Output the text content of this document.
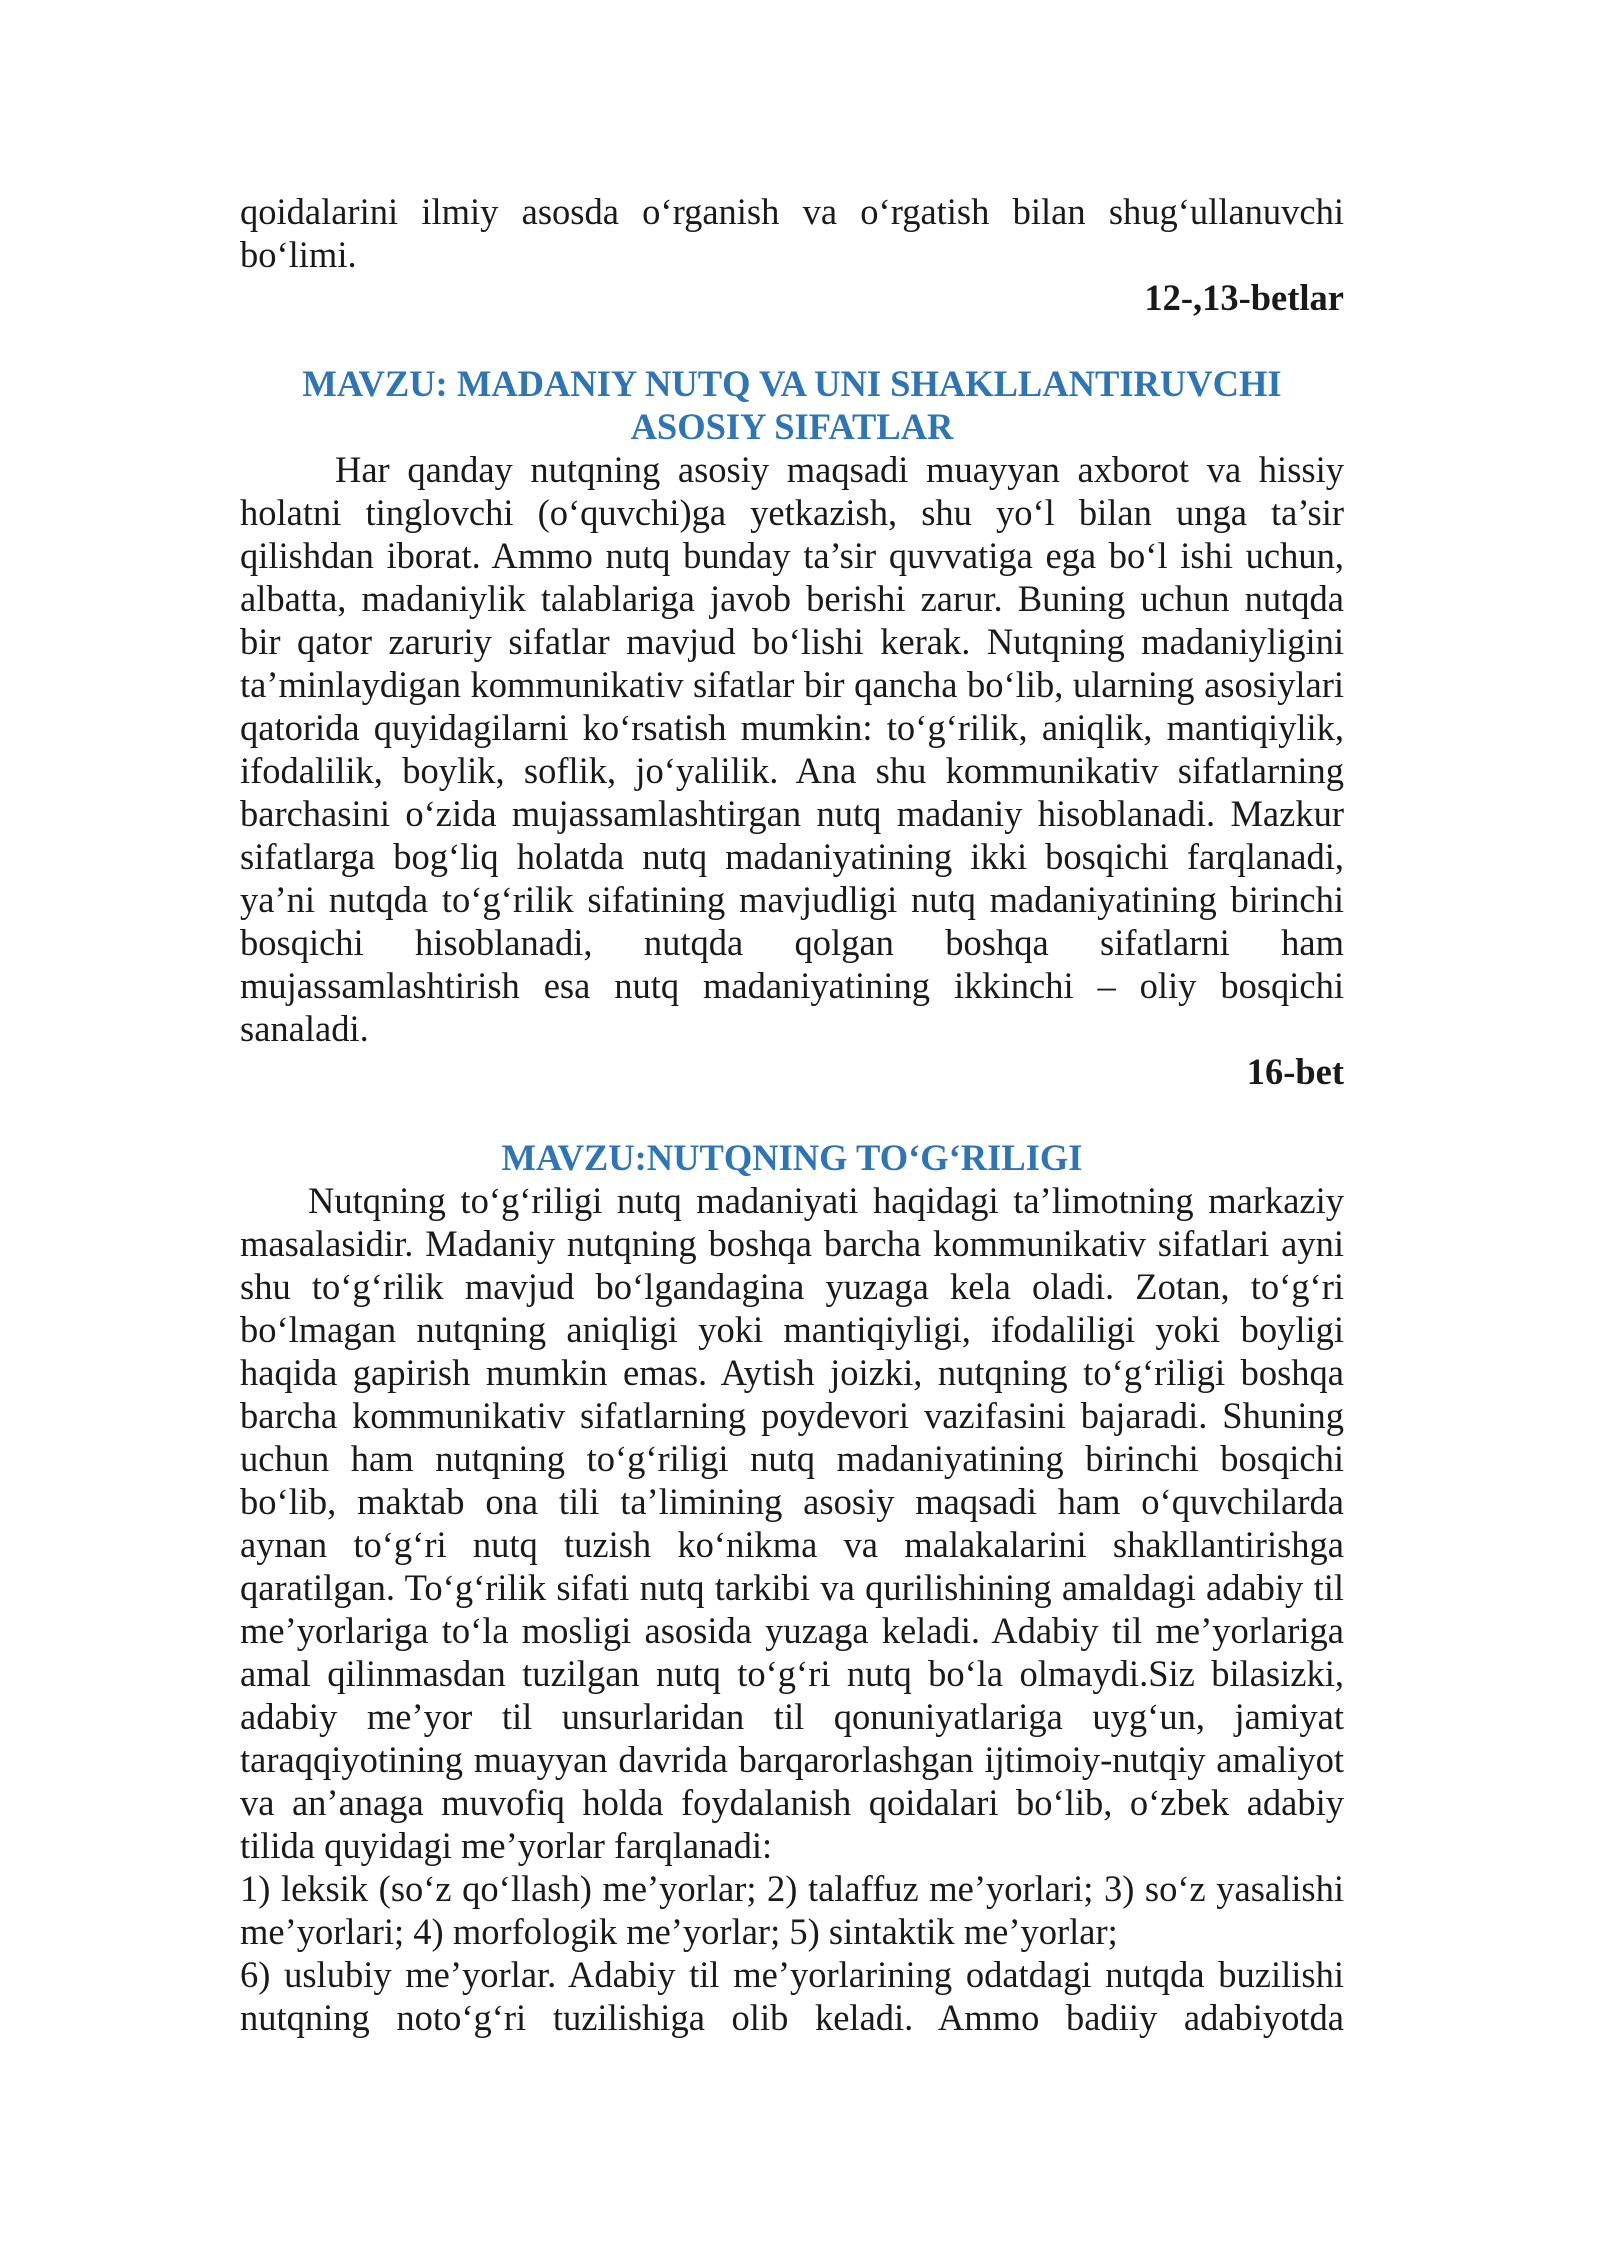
qoidalarini ilmiy asosda o‘rganish va o‘rgatish bilan shug‘ullanuvchi bo‘limi.

12-,13-betlar

MAVZU: MADANIY NUTQ VA UNI SHAKLLANTIRUVCHI

ASOSIY SIFATLAR

Har qanday nutqning asosiy maqsadi muayyan axborot va hissiy holatni tinglovchi (o‘quvchi)ga yetkazish, shu yo‘l bilan unga ta’sir qilishdan iborat. Ammo nutq bunday ta’sir quvvatiga ega bo‘l ishi uchun, albatta, madaniylik talablariga javob berishi zarur. Buning uchun nutqda bir qator zaruriy sifatlar mavjud bo‘lishi kerak. Nutqning madaniyligini ta’minlaydigan kommunikativ sifatlar bir qancha bo‘lib, ularning asosiylari qatorida quyidagilarni ko‘rsatish mumkin: to‘g‘rilik, aniqlik, mantiqiylik, ifodalilik, boylik, soflik, jo‘yalilik. Ana shu kommunikativ sifatlarning barchasini o‘zida mujassamlashtirgan nutq madaniy hisoblanadi. Mazkur sifatlarga bog‘liq holatda nutq madaniyatining ikki bosqichi farqlanadi, ya’ni nutqda to‘g‘rilik sifatining mavjudligi nutq madaniyatining birinchi bosqichi hisoblanadi, nutqda qolgan boshqa sifatlarni ham mujassamlashtirish esa nutq madaniyatining ikkinchi – oliy bosqichi sanaladi.

16-bet

MAVZU:NUTQNING TO‘G‘RILIGI

Nutqning to‘g‘riligi nutq madaniyati haqidagi ta’limotning markaziy masalasidir. Madaniy nutqning boshqa barcha kommunikativ sifatlari ayni shu to‘g‘rilik mavjud bo‘lgandagina yuzaga kela oladi. Zotan, to‘g‘ri bo‘lmagan nutqning aniqligi yoki mantiqiyligi, ifodaliligi yoki boyligi haqida gapirish mumkin emas. Aytish joizki, nutqning to‘g‘riligi boshqa barcha kommunikativ sifatlarning poydevori vazifasini bajaradi. Shuning uchun ham nutqning to‘g‘riligi nutq madaniyatining birinchi bosqichi bo‘lib, maktab ona tili ta’limining asosiy maqsadi ham o‘quvchilarda aynan to‘g‘ri nutq tuzish ko‘nikma va malakalarini shakllantirishga qaratilgan. To‘g‘rilik sifati nutq tarkibi va qurilishining amaldagi adabiy til me’yorlariga to‘la mosligi asosida yuzaga keladi. Adabiy til me’yorlariga amal qilinmasdan tuzilgan nutq to‘g‘ri nutq bo‘la olmaydi.Siz bilasizki, adabiy me’yor til unsurlaridan til qonuniyatlariga uyg‘un, jamiyat taraqqiyotining muayyan davrida barqarorlashgan ijtimoiy-nutqiy amaliyot va an’anaga muvofiq holda foydalanish qoidalari bo‘lib, o‘zbek adabiy tilida quyidagi me’yorlar farqlanadi:

1) leksik (so‘z qo‘llash) me’yorlar; 2) talaffuz me’yorlari; 3) so‘z yasalishi me’yorlari; 4) morfologik me’yorlar; 5) sintaktik me’yorlar;

6) uslubiy me’yorlar. Adabiy til me’yorlarining odatdagi nutqda buzilishi nutqning noto‘g‘ri tuzilishiga olib keladi. Ammo badiiy adabiyotda
